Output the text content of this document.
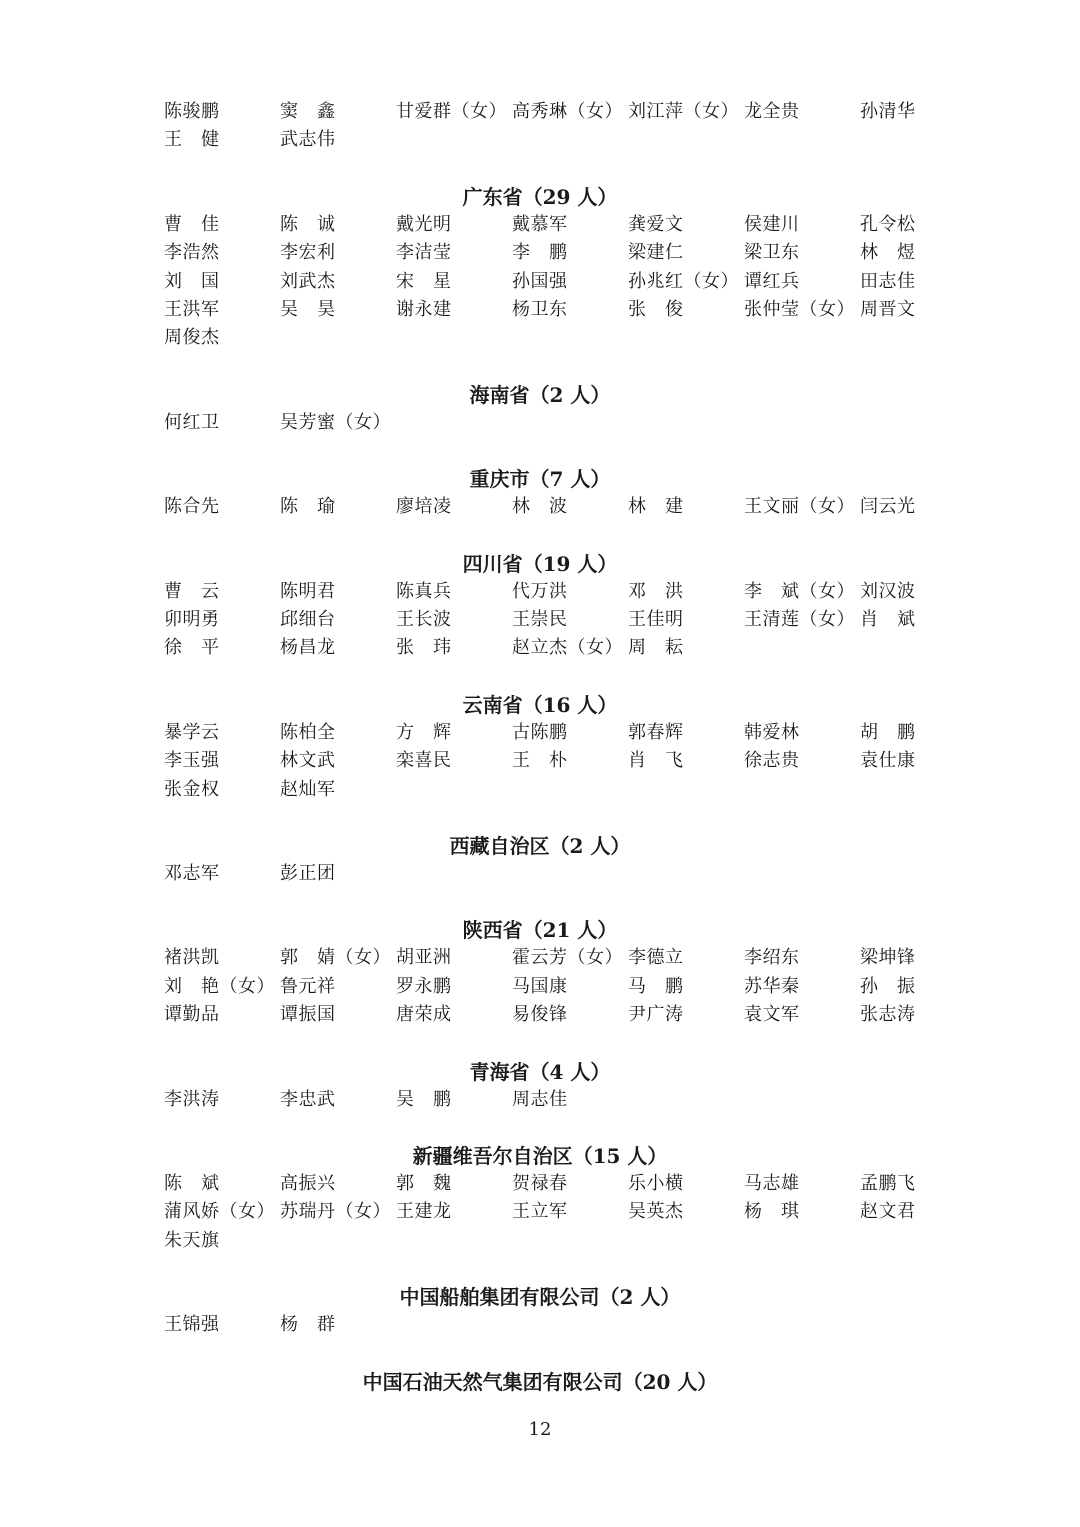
12
陈骏鹏	窦　鑫	甘爱群（女） 高秀琳（女） 刘江萍（女） 龙全贵	孙清华
王　健	武志伟
广东省（29 人）
曹　佳	陈　诚	戴光明	戴慕军	龚爱文	侯建川	孔令松
李浩然	李宏利	李洁莹	李　鹏	梁建仁	梁卫东	林　煜
刘　国	刘武杰	宋　星	孙国强	孙兆红（女） 谭红兵	田志佳
王洪军	吴　昊	谢永建	杨卫东	张　俊	张仲莹（女） 周晋文
周俊杰
海南省（2 人）
何红卫	吴芳蜜（女）
重庆市（7 人）
陈合先	陈　瑜	廖培凌	林　波	林　建	王文丽（女） 闫云光
四川省（19 人）
曹　云	陈明君	陈真兵	代万洪	邓　洪	李　斌（女） 刘汉波
卯明勇	邱细台	王长波	王崇民	王佳明	王清莲（女） 肖　斌
徐　平	杨昌龙	张　玮	赵立杰（女） 周　耘
云南省（16 人）
暴学云	陈柏全	方　辉	古陈鹏	郭春辉	韩爱林	胡　鹏
李玉强	林文武	栾喜民	王　朴	肖　飞	徐志贵	袁仕康
张金权	赵灿军
西藏自治区（2 人）
邓志军	彭正团
陕西省（21 人）
褚洪凯	郭　婧（女） 胡亚洲	霍云芳（女） 李德立	李绍东	梁坤锋
刘　艳（女） 鲁元祥	罗永鹏	马国康	马　鹏	苏华秦	孙　振
谭勤品	谭振国	唐荣成	易俊锋	尹广涛	袁文军	张志涛
青海省（4 人）
李洪涛	李忠武	吴　鹏	周志佳
新疆维吾尔自治区（15 人）
陈　斌	高振兴	郭　魏	贺禄春	乐小横	马志雄	孟鹏飞
蒲风娇（女） 苏瑞丹（女） 王建龙	王立军	吴英杰	杨　琪	赵文君
朱天旗
中国船舶集团有限公司（2 人）
王锦强	杨　群
中国石油天然气集团有限公司（20 人）
